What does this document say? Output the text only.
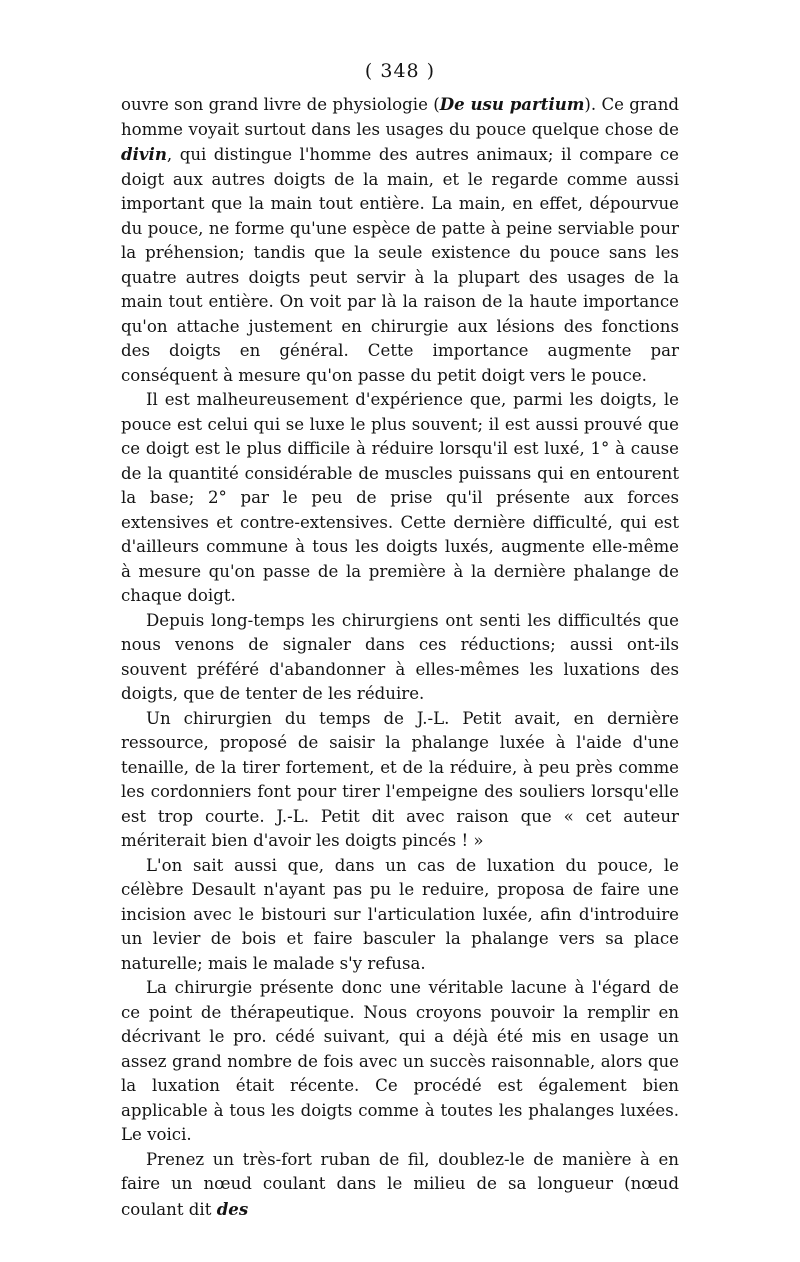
( 348 )

ouvre son grand livre de physiologie (De usu partium). Ce grand homme voyait surtout dans les usages du pouce quelque chose de divin, qui distingue l'homme des autres animaux; il compare ce doigt aux autres doigts de la main, et le regarde comme aussi important que la main tout entière. La main, en effet, dépourvue du pouce, ne forme qu'une espèce de patte à peine serviable pour la préhension; tandis que la seule existence du pouce sans les quatre autres doigts peut servir à la plupart des usages de la main tout entière. On voit par là la raison de la haute importance qu'on attache justement en chirurgie aux lésions des fonctions des doigts en général. Cette importance augmente par conséquent à mesure qu'on passe du petit doigt vers le pouce.

Il est malheureusement d'expérience que, parmi les doigts, le pouce est celui qui se luxe le plus souvent; il est aussi prouvé que ce doigt est le plus difficile à réduire lorsqu'il est luxé, 1° à cause de la quantité considérable de muscles puissans qui en entourent la base; 2° par le peu de prise qu'il présente aux forces extensives et contre-extensives. Cette dernière difficulté, qui est d'ailleurs commune à tous les doigts luxés, augmente elle-même à mesure qu'on passe de la première à la dernière phalange de chaque doigt.

Depuis long-temps les chirurgiens ont senti les difficultés que nous venons de signaler dans ces réductions; aussi ont-ils souvent préféré d'abandonner à elles-mêmes les luxations des doigts, que de tenter de les réduire.

Un chirurgien du temps de J.-L. Petit avait, en dernière ressource, proposé de saisir la phalange luxée à l'aide d'une tenaille, de la tirer fortement, et de la réduire, à peu près comme les cordonniers font pour tirer l'empeigne des souliers lorsqu'elle est trop courte. J.-L. Petit dit avec raison que « cet auteur mériterait bien d'avoir les doigts pincés ! »

L'on sait aussi que, dans un cas de luxation du pouce, le célèbre Desault n'ayant pas pu le reduire, proposa de faire une incision avec le bistouri sur l'articulation luxée, afin d'introduire un levier de bois et faire basculer la phalange vers sa place naturelle; mais le malade s'y refusa.

La chirurgie présente donc une véritable lacune à l'égard de ce point de thérapeutique. Nous croyons pouvoir la remplir en décrivant le pro. cédé suivant, qui a déjà été mis en usage un assez grand nombre de fois avec un succès raisonnable, alors que la luxation était récente. Ce procédé est également bien applicable à tous les doigts comme à toutes les phalanges luxées. Le voici.

Prenez un très-fort ruban de fil, doublez-le de manière à en faire un nœud coulant dans le milieu de sa longueur (nœud coulant dit des
